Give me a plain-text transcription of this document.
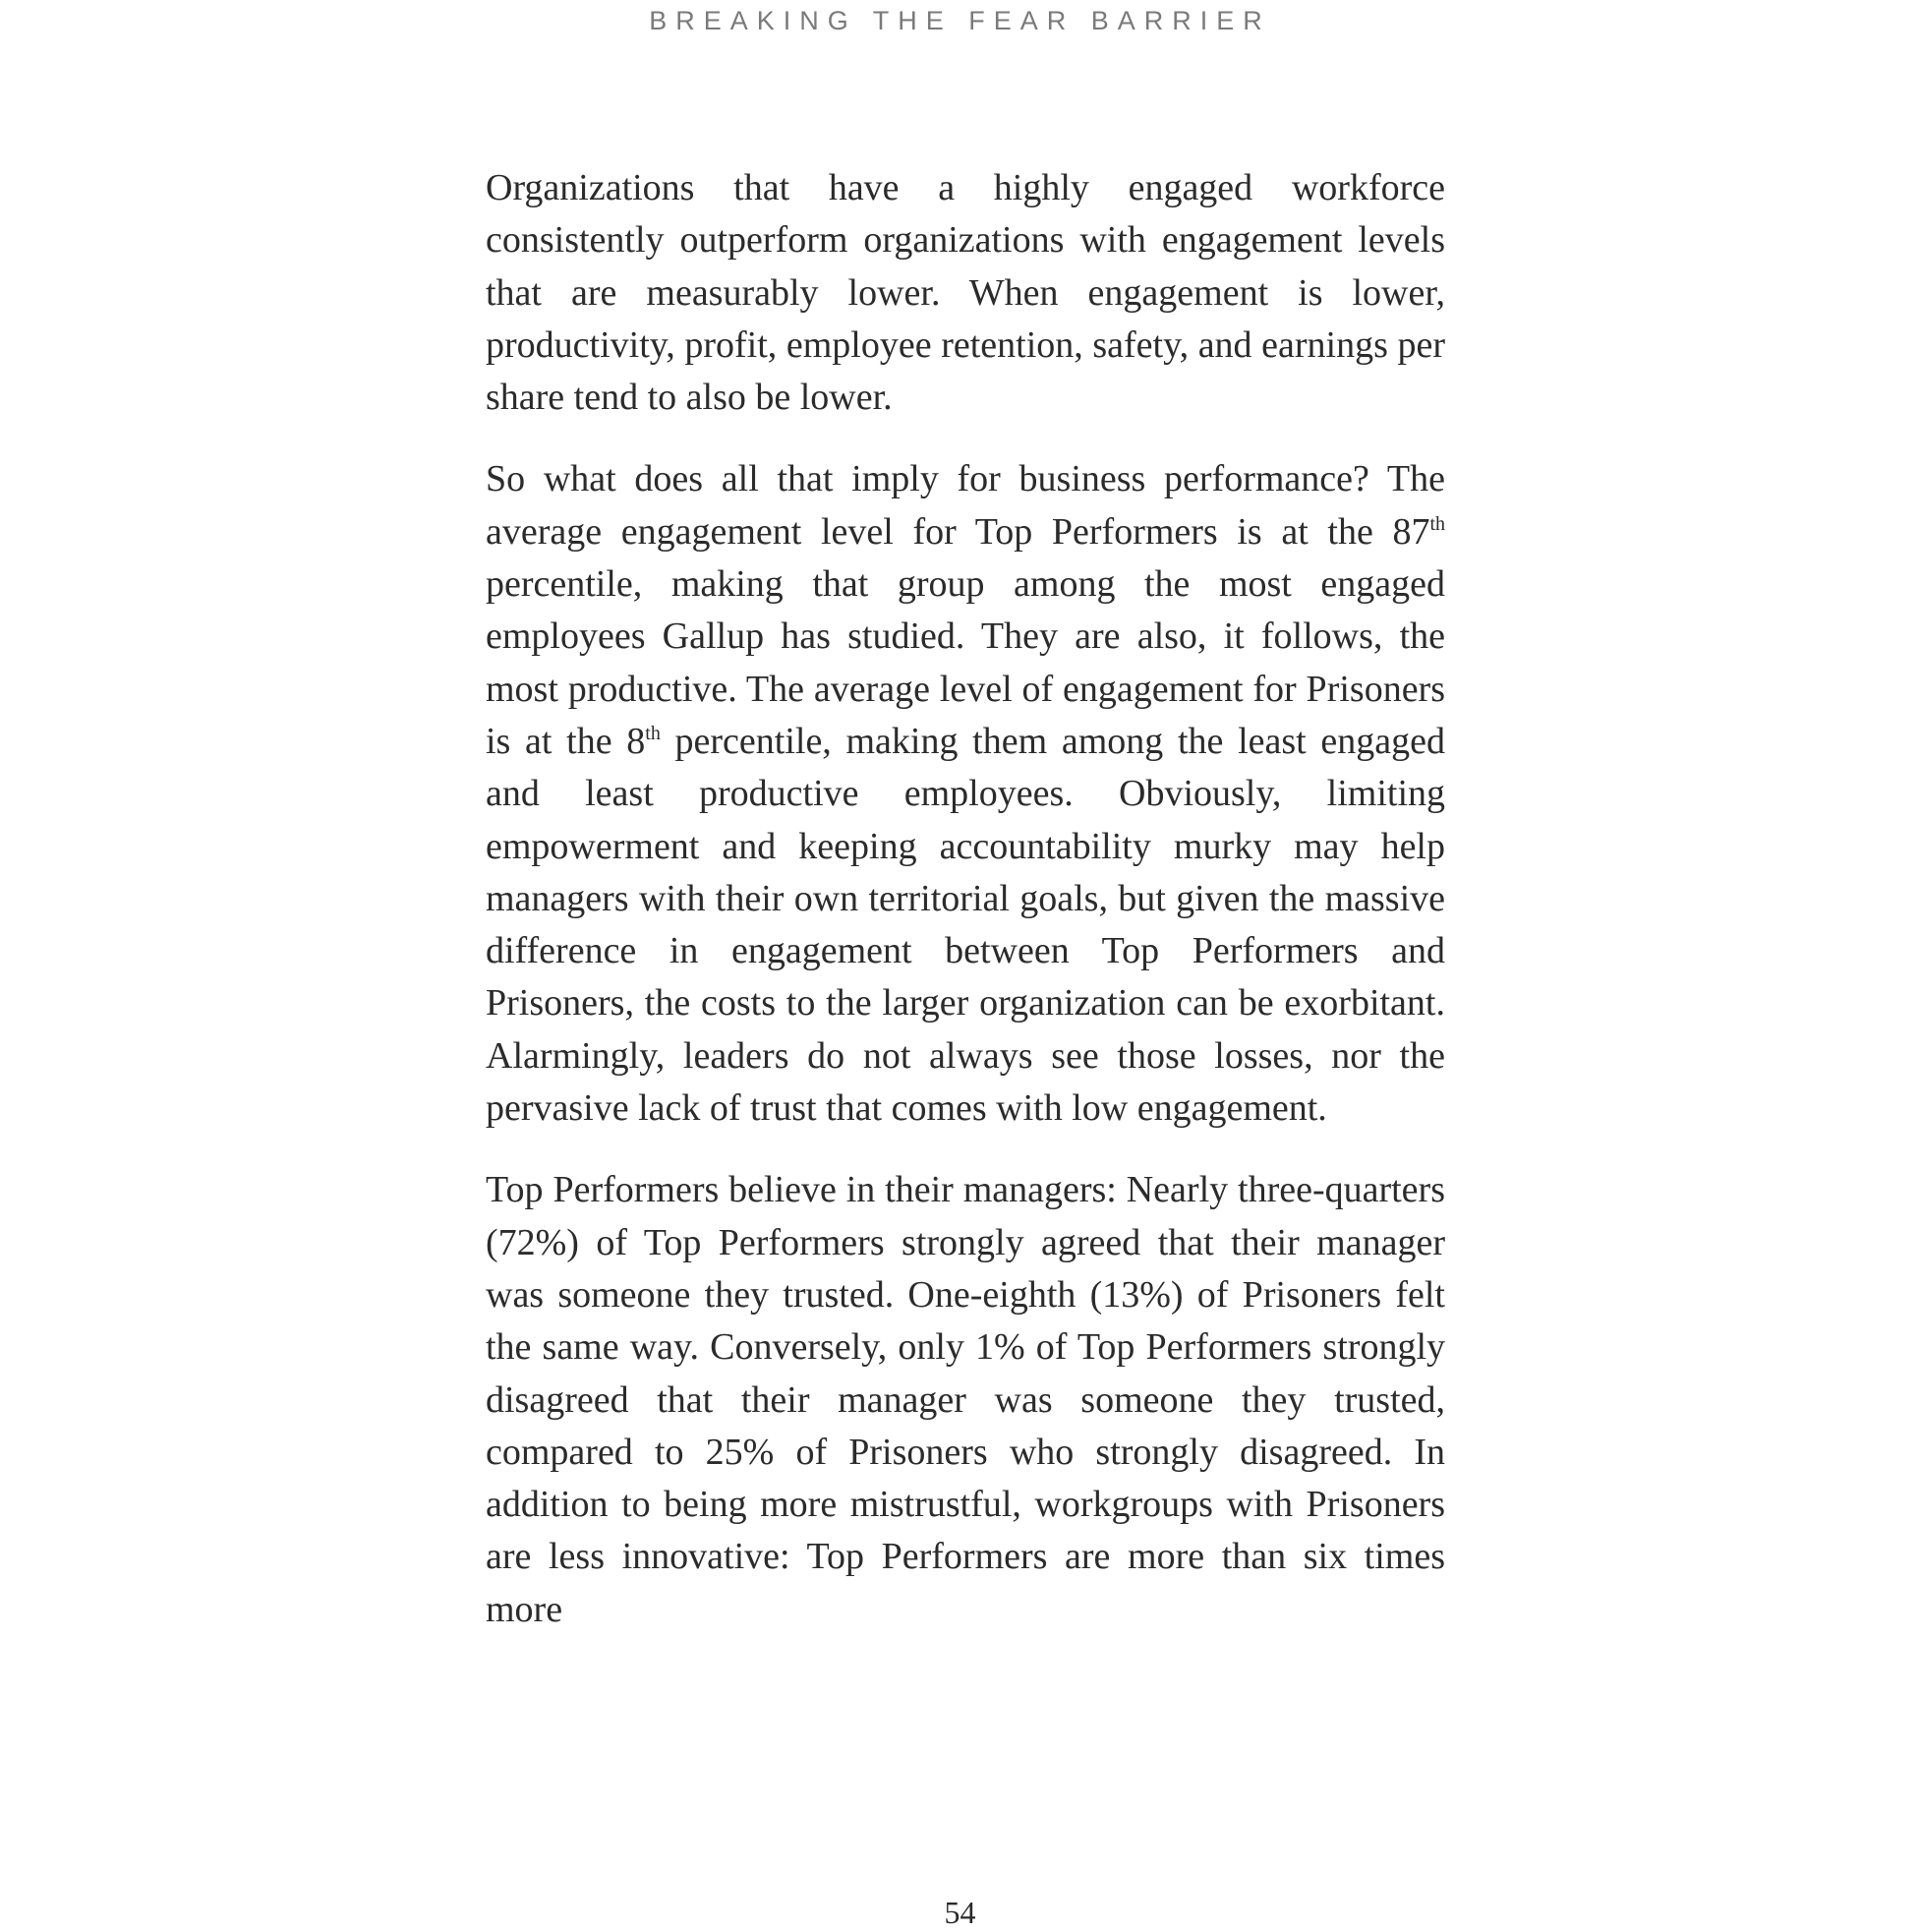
BREAKING THE FEAR BARRIER

Organizations that have a highly engaged workforce consistently outperform organizations with engagement levels that are measurably lower. When engagement is lower, productivity, profit, employee retention, safety, and earnings per share tend to also be lower.

So what does all that imply for business performance? The average engagement level for Top Performers is at the 87th percentile, making that group among the most engaged employees Gallup has studied. They are also, it follows, the most productive. The average level of engagement for Prisoners is at the 8th percentile, making them among the least engaged and least productive employees. Obviously, limiting empowerment and keeping accountability murky may help managers with their own territorial goals, but given the massive difference in engagement between Top Performers and Prisoners, the costs to the larger organization can be exorbitant. Alarmingly, leaders do not always see those losses, nor the pervasive lack of trust that comes with low engagement.

Top Performers believe in their managers: Nearly three-quarters (72%) of Top Performers strongly agreed that their manager was someone they trusted. One-eighth (13%) of Prisoners felt the same way. Conversely, only 1% of Top Performers strongly disagreed that their manager was someone they trusted, compared to 25% of Prisoners who strongly disagreed. In addition to being more mistrustful, workgroups with Prisoners are less innovative: Top Performers are more than six times more

54
